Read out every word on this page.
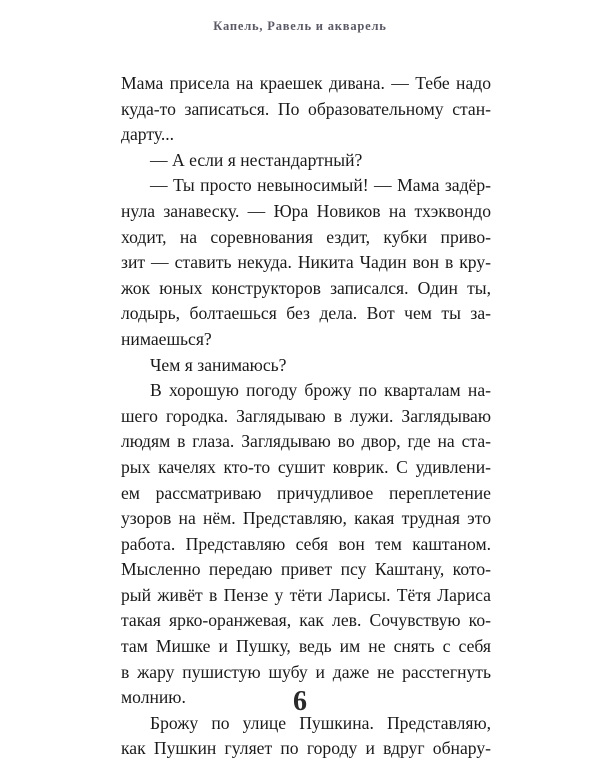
Капель, Равель и акварель
Мама присела на краешек дивана. — Тебе надо
куда-то записаться. По образовательному стан-
дарту...
— А если я нестандартный?
— Ты просто невыносимый! — Мама задёр-
нула занавеску. — Юра Новиков на тхэквондо
ходит, на соревнования ездит, кубки приво-
зит — ставить некуда. Никита Чадин вон в кру-
жок юных конструкторов записался. Один ты,
лодырь, болтаешься без дела. Вот чем ты за-
нимаешься?
Чем я занимаюсь?
В хорошую погоду брожу по кварталам на-
шего городка. Заглядываю в лужи. Заглядываю
людям в глаза. Заглядываю во двор, где на ста-
рых качелях кто-то сушит коврик. С удивлени-
ем рассматриваю причудливое переплетение
узоров на нём. Представляю, какая трудная это
работа. Представляю себя вон тем каштаном.
Мысленно передаю привет псу Каштану, кото-
рый живёт в Пензе у тёти Ларисы. Тётя Лариса
такая ярко-оранжевая, как лев. Сочувствую ко-
там Мишке и Пушку, ведь им не снять с себя
в жару пушистую шубу и даже не расстегнуть
молнию.
Брожу по улице Пушкина. Представляю,
как Пушкин гуляет по городу и вдруг обнару-
6
